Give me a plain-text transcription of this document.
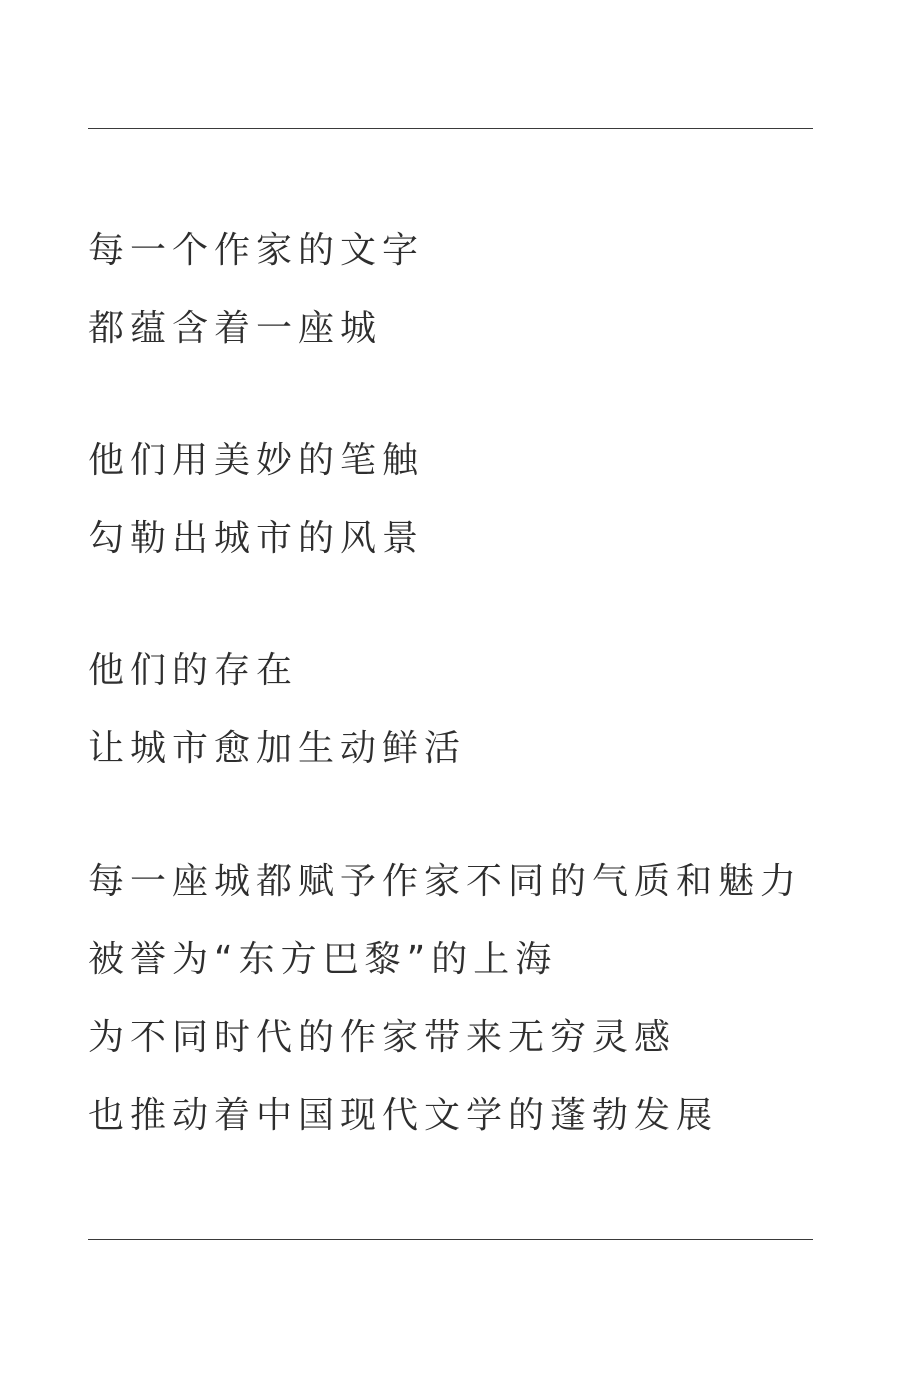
每一个作家的文字
都蕴含着一座城
他们用美妙的笔触
勾勒出城市的风景
他们的存在
让城市愈加生动鲜活
每一座城都赋予作家不同的气质和魅力
被誉为“东方巴黎”的上海
为不同时代的作家带来无穷灵感
也推动着中国现代文学的蓬勃发展
